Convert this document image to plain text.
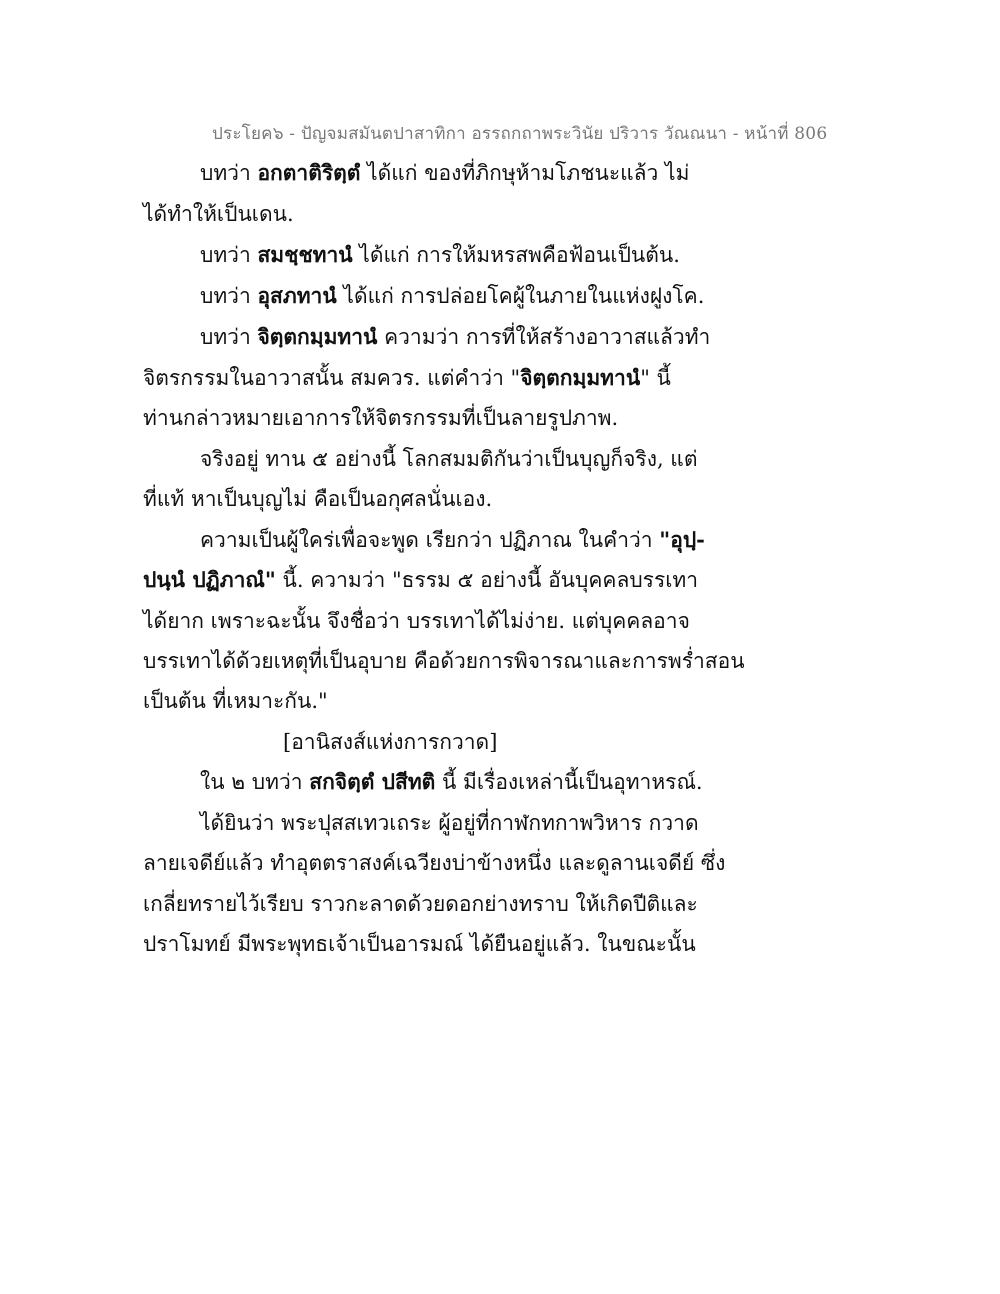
ประโยค๖ - ปัญจมสมันตปาสาทิกา อรรถกถาพระวินัย ปริวาร วัณณนา - หน้าที่ 806
บทว่า อกตาติริตฺตํ ได้แก่ ของที่ภิกษุห้ามโภชนะแล้ว ไม่
ได้ทำให้เป็นเดน.
บทว่า สมชฺชทานํ ได้แก่ การให้มหรสพคือฟ้อนเป็นต้น.
บทว่า อุสภทานํ ได้แก่ การปล่อยโคผู้ในภายในแห่งฝูงโค.
บทว่า จิตฺตกมฺมทานํ ความว่า การที่ให้สร้างอาวาสแล้วทำ
จิตรกรรมในอาวาสนั้น สมควร. แต่คำว่า "จิตฺตกมฺมทานํ" นี้
ท่านกล่าวหมายเอาการให้จิตรกรรมที่เป็นลายรูปภาพ.
จริงอยู่ ทาน ๕ อย่างนี้ โลกสมมติกันว่าเป็นบุญก็จริง, แต่
ที่แท้ หาเป็นบุญไม่ คือเป็นอกุศลนั่นเอง.
ความเป็นผู้ใคร่เพื่อจะพูด เรียกว่า ปฏิภาณ ในคำว่า "อุปฺ-
ปนฺนํ ปฏิภาณํ" นี้. ความว่า "ธรรม ๕ อย่างนี้ อันบุคคลบรรเทา
ได้ยาก เพราะฉะนั้น จึงชื่อว่า บรรเทาได้ไม่ง่าย. แต่บุคคลอาจ
บรรเทาได้ด้วยเหตุที่เป็นอุบาย คือด้วยการพิจารณาและการพร่ำสอน
เป็นต้น ที่เหมาะกัน."
[อานิสงส์แห่งการกวาด]
ใน ๒ บทว่า สกจิตฺตํ ปสีทติ นี้ มีเรื่องเหล่านี้เป็นอุทาหรณ์.
ได้ยินว่า พระปุสสเทวเถระ ผู้อยู่ที่กาฬกทกาพวิหาร กวาด
ลายเจดีย์แล้ว ทำอุตตราสงค์เฉวียงบ่าข้างหนึ่ง และดูลานเจดีย์ ซึ่ง
เกลี่ยทรายไว้เรียบ ราวกะลาดด้วยดอกย่างทราบ ให้เกิดปีติและ
ปราโมทย์ มีพระพุทธเจ้าเป็นอารมณ์ ได้ยืนอยู่แล้ว. ในขณะนั้น
